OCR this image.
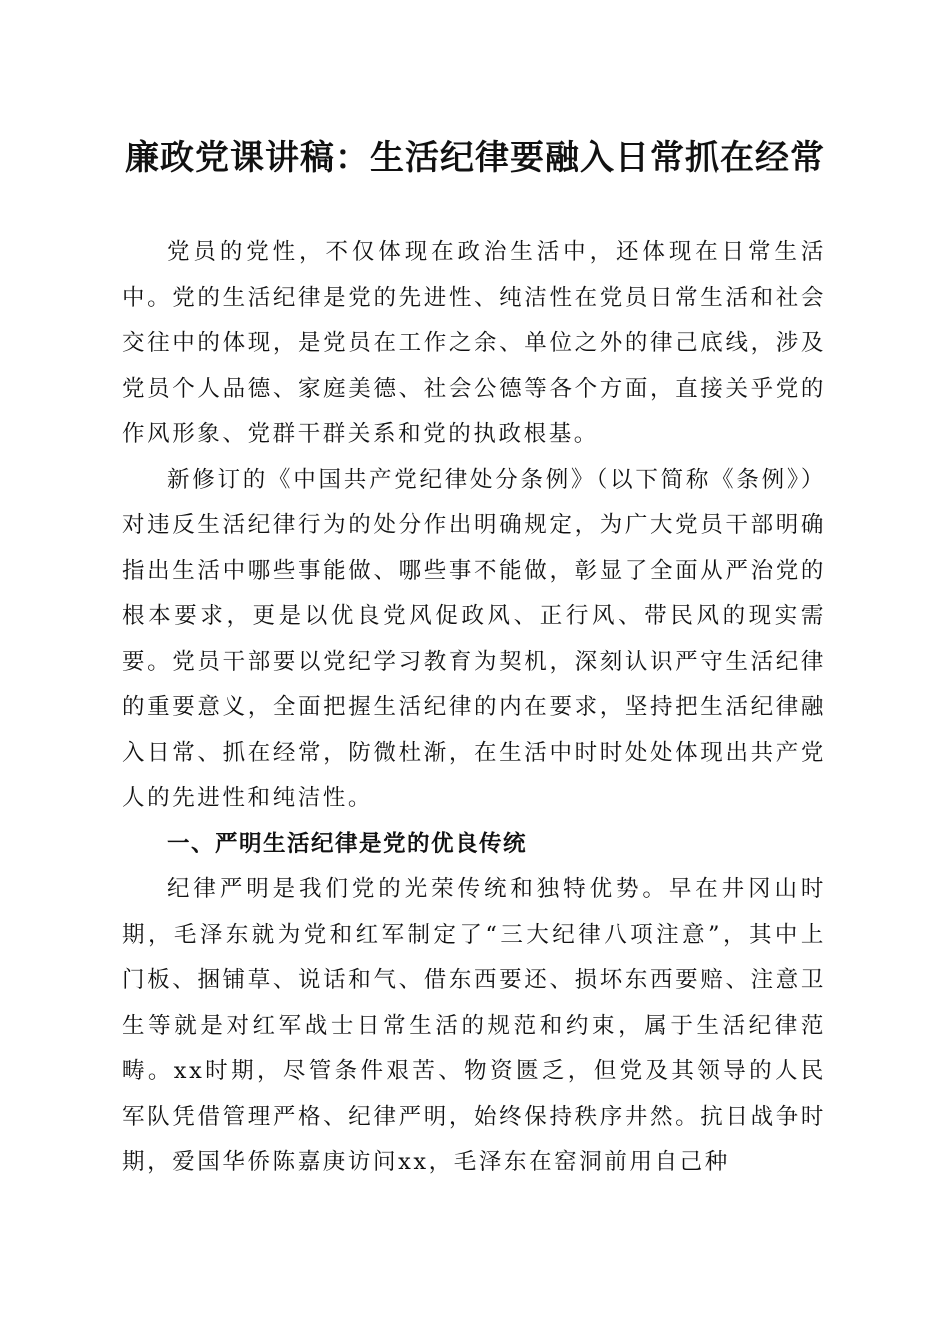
廉政党课讲稿：生活纪律要融入日常抓在经常

党员的党性，不仅体现在政治生活中，还体现在日常生活中。党的生活纪律是党的先进性、纯洁性在党员日常生活和社会交往中的体现，是党员在工作之余、单位之外的律己底线，涉及党员个人品德、家庭美德、社会公德等各个方面，直接关乎党的作风形象、党群干群关系和党的执政根基。

新修订的《中国共产党纪律处分条例》（以下简称《条例》）对违反生活纪律行为的处分作出明确规定，为广大党员干部明确指出生活中哪些事能做、哪些事不能做，彰显了全面从严治党的根本要求，更是以优良党风促政风、正行风、带民风的现实需要。党员干部要以党纪学习教育为契机，深刻认识严守生活纪律的重要意义，全面把握生活纪律的内在要求，坚持把生活纪律融入日常、抓在经常，防微杜渐，在生活中时时处处体现出共产党人的先进性和纯洁性。

一、严明生活纪律是党的优良传统

纪律严明是我们党的光荣传统和独特优势。早在井冈山时期，毛泽东就为党和红军制定了“三大纪律八项注意”，其中上门板、捆铺草、说话和气、借东西要还、损坏东西要赔、注意卫生等就是对红军战士日常生活的规范和约束，属于生活纪律范畴。xx时期，尽管条件艰苦、物资匮乏，但党及其领导的人民军队凭借管理严格、纪律严明，始终保持秩序井然。抗日战争时期，爱国华侨陈嘉庚访问xx，毛泽东在窑洞前用自己种
